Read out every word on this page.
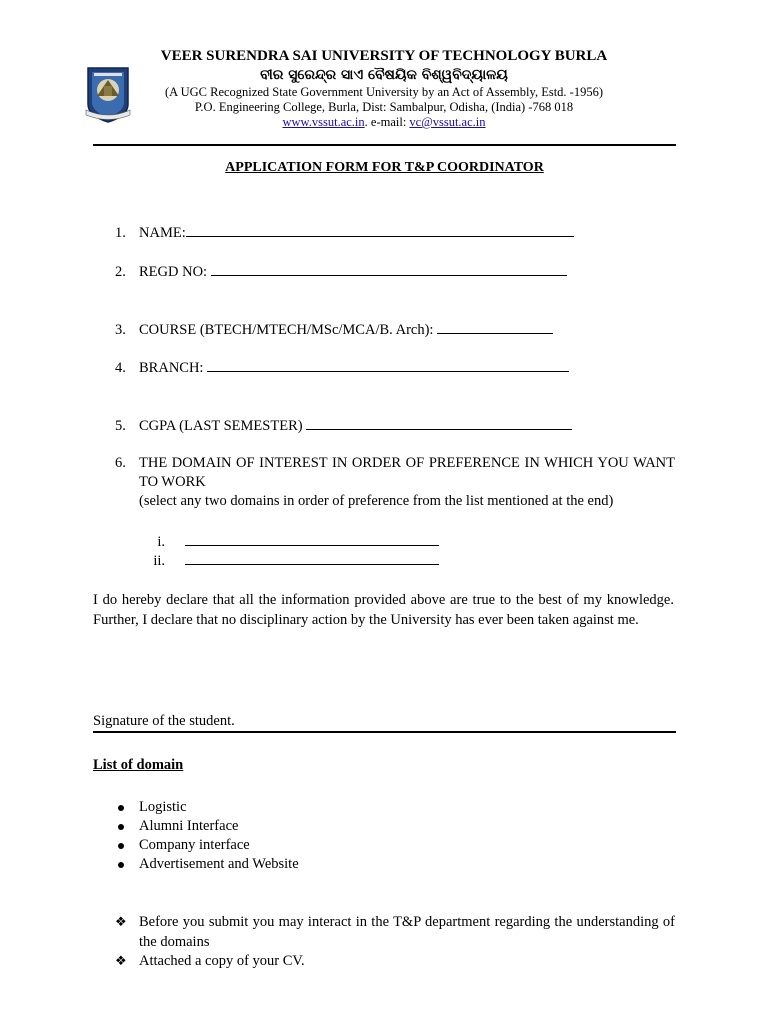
VEER SURENDRA SAI UNIVERSITY OF TECHNOLOGY BURLA
ବୀର ସୁରେନ୍ଦ୍ର ସାଏ ବୈଷୟିକ ବିଶ୍ୱବିଦ୍ୟାଳୟ
(A UGC Recognized State Government University by an Act of Assembly, Estd. -1956)
P.O. Engineering College, Burla, Dist: Sambalpur, Odisha, (India) -768 018
www.vssut.ac.in. e-mail: vc@vssut.ac.in
APPLICATION FORM FOR T&P COORDINATOR
1. NAME:
2. REGD NO:
3. COURSE (BTECH/MTECH/MSc/MCA/B. Arch):
4. BRANCH:
5. CGPA (LAST SEMESTER)
6. THE DOMAIN OF INTEREST IN ORDER OF PREFERENCE IN WHICH YOU WANT TO WORK
(select any two domains in order of preference from the list mentioned at the end)
i.
ii.
I do hereby declare that all the information provided above are true to the best of my knowledge. Further, I declare that no disciplinary action by the University has ever been taken against me.
Signature of the student.
List of domain
Logistic
Alumni Interface
Company interface
Advertisement and Website
❖ Before you submit you may interact in the T&P department regarding the understanding of the domains
❖ Attached a copy of your CV.
